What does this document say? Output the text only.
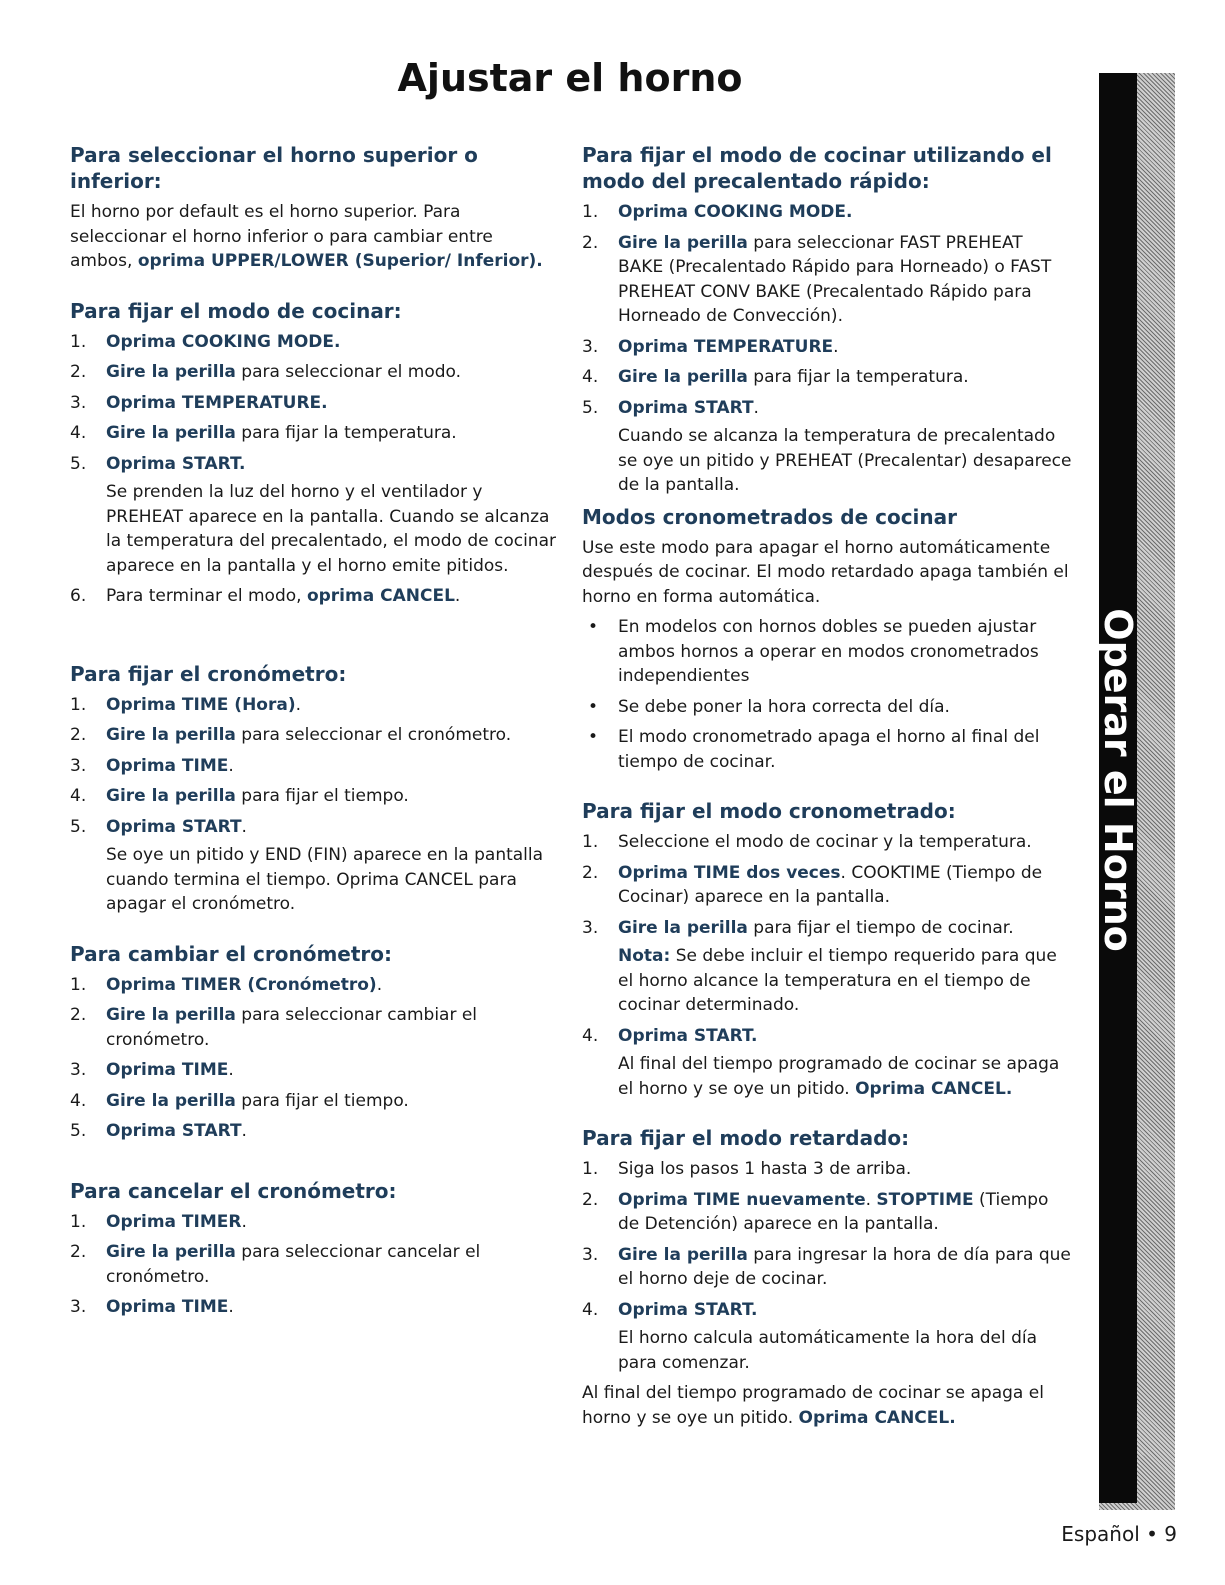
Ajustar el horno
Para seleccionar el horno superior o inferior:

El horno por default es el horno superior. Para seleccionar el horno inferior o para cambiar entre ambos, oprima UPPER/LOWER (Superior/ Inferior).

Para fijar el modo de cocinar:
1. Oprima COOKING MODE.
2. Gire la perilla para seleccionar el modo.
3. Oprima TEMPERATURE.
4. Gire la perilla para fijar la temperatura.
5. Oprima START.
Se prenden la luz del horno y el ventilador y PREHEAT aparece en la pantalla. Cuando se alcanza la temperatura del precalentado, el modo de cocinar aparece en la pantalla y el horno emite pitidos.
6. Para terminar el modo, oprima CANCEL.
Para fijar el cronómetro:
1. Oprima TIME (Hora).
2. Gire la perilla para seleccionar el cronómetro.
3. Oprima TIME.
4. Gire la perilla para fijar el tiempo.
5. Oprima START.
Se oye un pitido y END (FIN) aparece en la pantalla cuando termina el tiempo. Oprima CANCEL para apagar el cronómetro.
Para cambiar el cronómetro:
1. Oprima TIMER (Cronómetro).
2. Gire la perilla para seleccionar cambiar el cronómetro.
3. Oprima TIME.
4. Gire la perilla para fijar el tiempo.
5. Oprima START.
Para cancelar el cronómetro:
1. Oprima TIMER.
2. Gire la perilla para seleccionar cancelar el cronómetro.
3. Oprima TIME.
Para fijar el modo de cocinar utilizando el modo del precalentado rápido:
1. Oprima COOKING MODE.
2. Gire la perilla para seleccionar FAST PREHEAT BAKE (Precalentado Rápido para Horneado) o FAST PREHEAT CONV BAKE (Precalentado Rápido para Horneado de Convección).
3. Oprima TEMPERATURE.
4. Gire la perilla para fijar la temperatura.
5. Oprima START.
Cuando se alcanza la temperatura de precalentado se oye un pitido y PREHEAT (Precalentar) desaparece de la pantalla.
Modos cronometrados de cocinar

Use este modo para apagar el horno automáticamente después de cocinar. El modo retardado apaga también el horno en forma automática.

• En modelos con hornos dobles se pueden ajustar ambos hornos a operar en modos cronometrados independientes
• Se debe poner la hora correcta del día.
• El modo cronometrado apaga el horno al final del tiempo de cocinar.
Para fijar el modo cronometrado:
1. Seleccione el modo de cocinar y la temperatura.
2. Oprima TIME dos veces. COOKTIME (Tiempo de Cocinar) aparece en la pantalla.
3. Gire la perilla para fijar el tiempo de cocinar.
Nota: Se debe incluir el tiempo requerido para que el horno alcance la temperatura en el tiempo de cocinar determinado.
4. Oprima START.
Al final del tiempo programado de cocinar se apaga el horno y se oye un pitido. Oprima CANCEL.
Para fijar el modo retardado:
1. Siga los pasos 1 hasta 3 de arriba.
2. Oprima TIME nuevamente. STOPTIME (Tiempo de Detención) aparece en la pantalla.
3. Gire la perilla para ingresar la hora de día para que el horno deje de cocinar.
4. Oprima START.
El horno calcula automáticamente la hora del día para comenzar.

Al final del tiempo programado de cocinar se apaga el horno y se oye un pitido. Oprima CANCEL.

Operar el Horno
Español • 9
